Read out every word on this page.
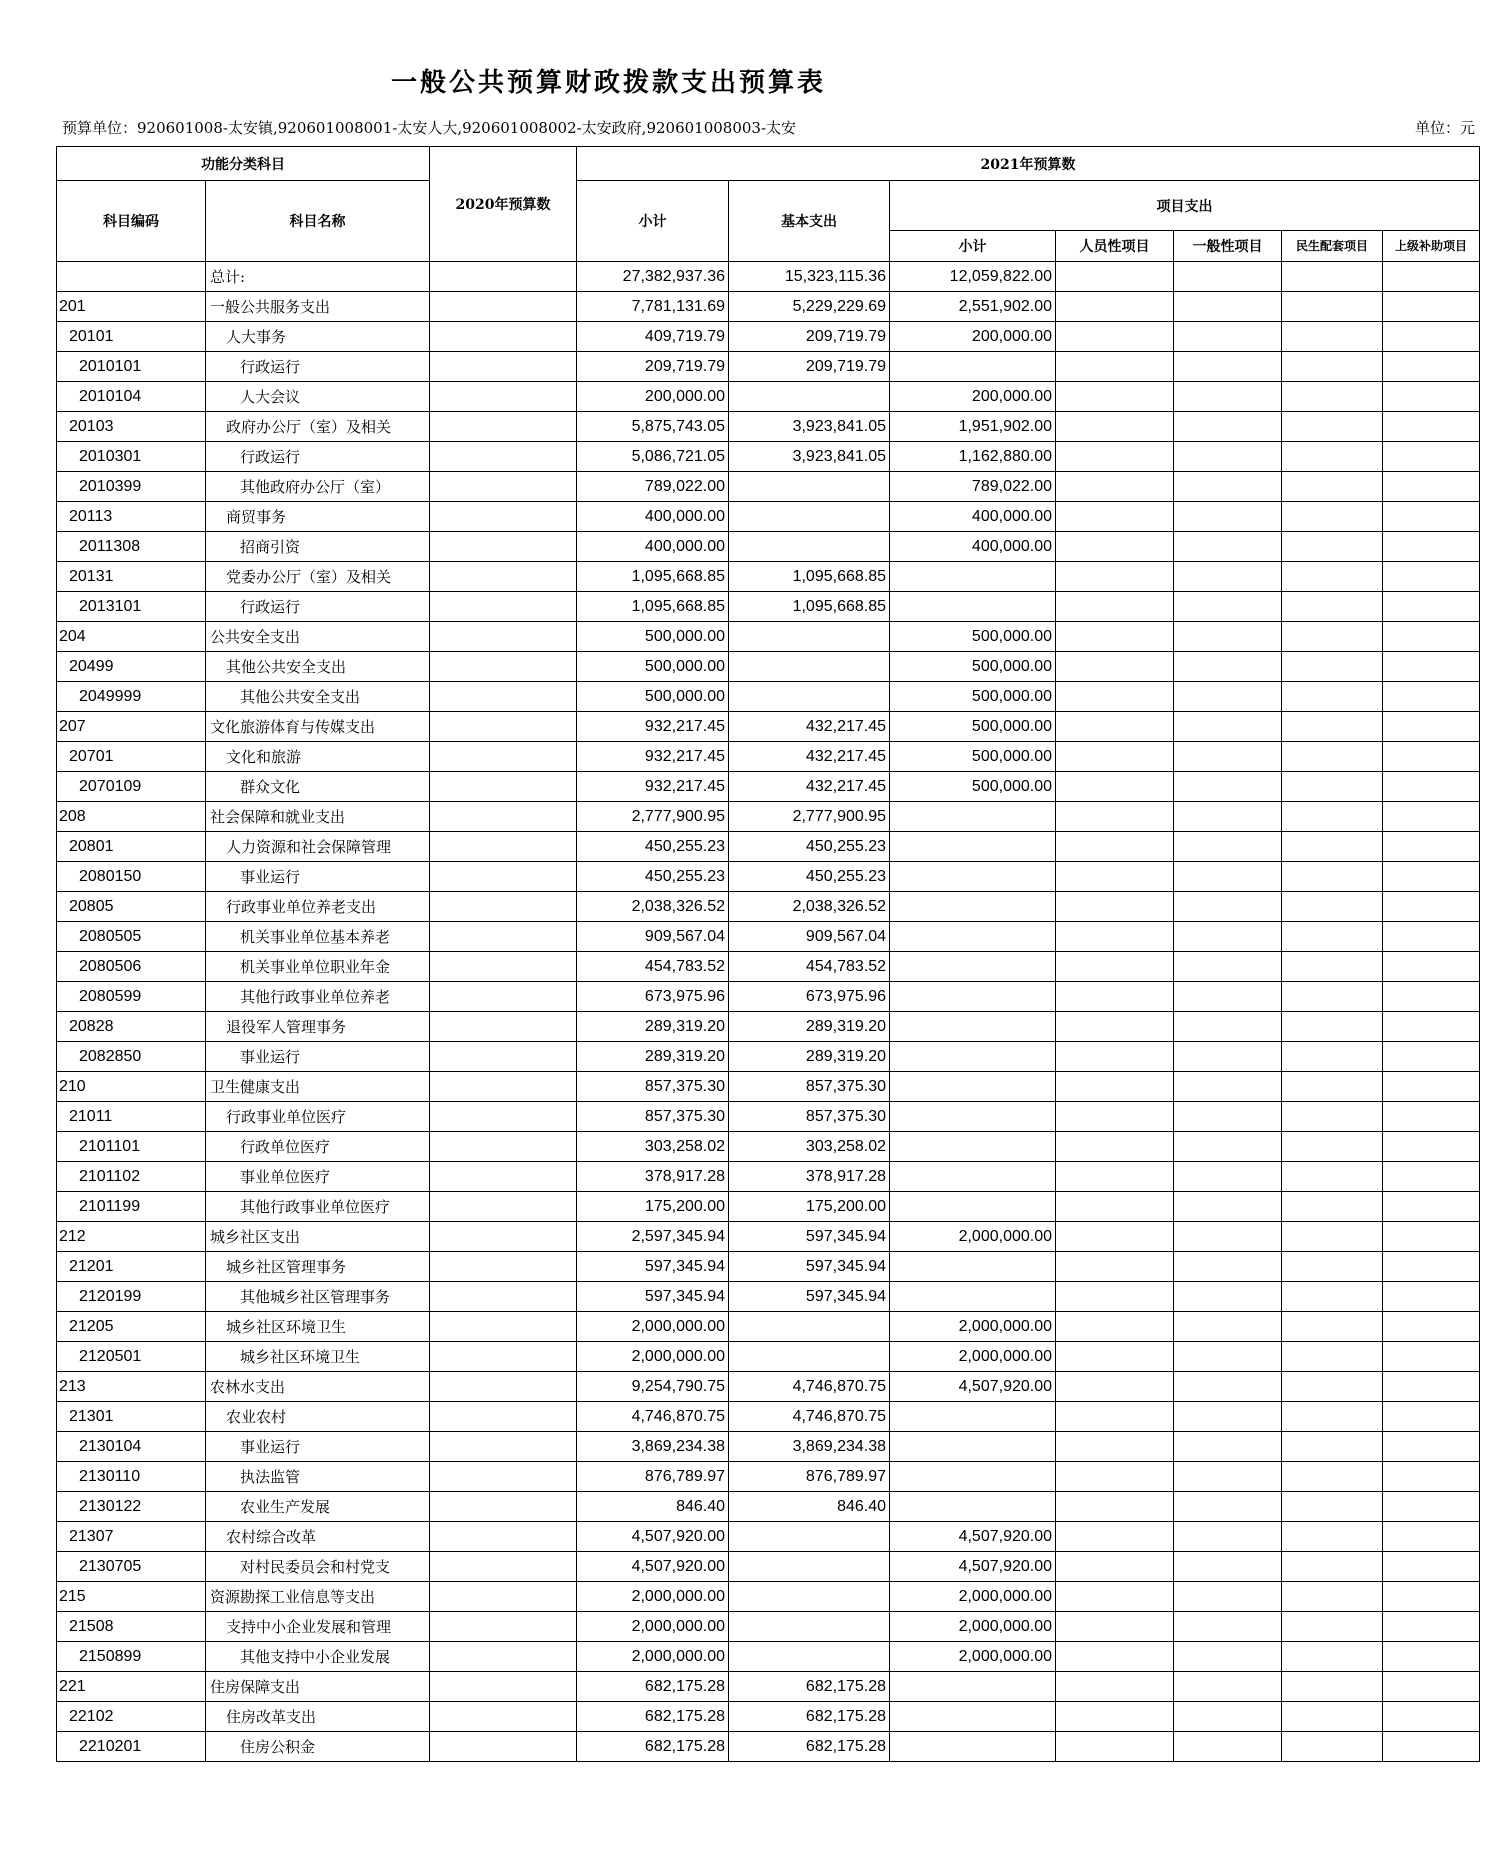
一般公共预算财政拨款支出预算表
预算单位：920601008-太安镇,920601008001-太安人大,920601008002-太安政府,920601008003-太安	单位：元
功能分类科目		2020年预算数	2021年预算数						
科目编码	科目名称		小计	基本支出	项目支出				
					小计	人员性项目	一般性项目	民生配套项目	上级补助项目
	总计:		27,382,937.36	15,323,115.36	12,059,822.00				
201	一般公共服务支出		7,781,131.69	5,229,229.69	2,551,902.00				
20101	人大事务		409,719.79	209,719.79	200,000.00				
2010101	行政运行		209,719.79	209,719.79					
2010104	人大会议		200,000.00		200,000.00				
20103	政府办公厅（室）及相关		5,875,743.05	3,923,841.05	1,951,902.00				
2010301	行政运行		5,086,721.05	3,923,841.05	1,162,880.00				
2010399	其他政府办公厅（室）		789,022.00		789,022.00				
20113	商贸事务		400,000.00		400,000.00				
2011308	招商引资		400,000.00		400,000.00				
20131	党委办公厅（室）及相关		1,095,668.85	1,095,668.85					
2013101	行政运行		1,095,668.85	1,095,668.85					
204	公共安全支出		500,000.00		500,000.00				
20499	其他公共安全支出		500,000.00		500,000.00				
2049999	其他公共安全支出		500,000.00		500,000.00				
207	文化旅游体育与传媒支出		932,217.45	432,217.45	500,000.00				
20701	文化和旅游		932,217.45	432,217.45	500,000.00				
2070109	群众文化		932,217.45	432,217.45	500,000.00				
208	社会保障和就业支出		2,777,900.95	2,777,900.95					
20801	人力资源和社会保障管理		450,255.23	450,255.23					
2080150	事业运行		450,255.23	450,255.23					
20805	行政事业单位养老支出		2,038,326.52	2,038,326.52					
2080505	机关事业单位基本养老		909,567.04	909,567.04					
2080506	机关事业单位职业年金		454,783.52	454,783.52					
2080599	其他行政事业单位养老		673,975.96	673,975.96					
20828	退役军人管理事务		289,319.20	289,319.20					
2082850	事业运行		289,319.20	289,319.20					
210	卫生健康支出		857,375.30	857,375.30					
21011	行政事业单位医疗		857,375.30	857,375.30					
2101101	行政单位医疗		303,258.02	303,258.02					
2101102	事业单位医疗		378,917.28	378,917.28					
2101199	其他行政事业单位医疗		175,200.00	175,200.00					
212	城乡社区支出		2,597,345.94	597,345.94	2,000,000.00				
21201	城乡社区管理事务		597,345.94	597,345.94					
2120199	其他城乡社区管理事务		597,345.94	597,345.94					
21205	城乡社区环境卫生		2,000,000.00		2,000,000.00				
2120501	城乡社区环境卫生		2,000,000.00		2,000,000.00				
213	农林水支出		9,254,790.75	4,746,870.75	4,507,920.00				
21301	农业农村		4,746,870.75	4,746,870.75					
2130104	事业运行		3,869,234.38	3,869,234.38					
2130110	执法监管		876,789.97	876,789.97					
2130122	农业生产发展		846.40	846.40					
21307	农村综合改革		4,507,920.00		4,507,920.00				
2130705	对村民委员会和村党支		4,507,920.00		4,507,920.00				
215	资源勘探工业信息等支出		2,000,000.00		2,000,000.00				
21508	支持中小企业发展和管理		2,000,000.00		2,000,000.00				
2150899	其他支持中小企业发展		2,000,000.00		2,000,000.00				
221	住房保障支出		682,175.28	682,175.28					
22102	住房改革支出		682,175.28	682,175.28					
2210201	住房公积金		682,175.28	682,175.28					
